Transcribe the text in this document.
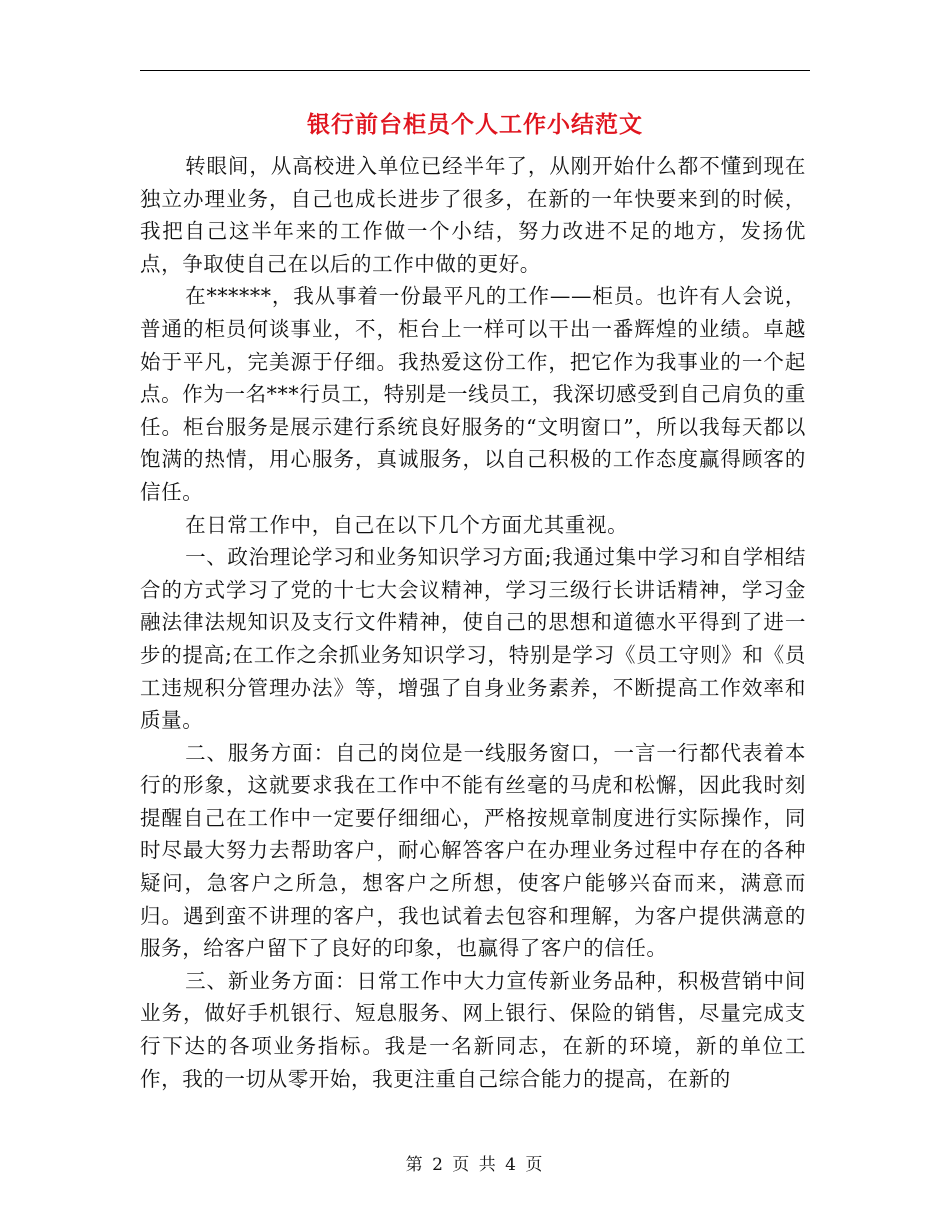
银行前台柜员个人工作小结范文

转眼间，从高校进入单位已经半年了，从刚开始什么都不懂到现在独立办理业务，自己也成长进步了很多，在新的一年快要来到的时候，我把自己这半年来的工作做一个小结，努力改进不足的地方，发扬优点，争取使自己在以后的工作中做的更好。

在******，我从事着一份最平凡的工作——柜员。也许有人会说，普通的柜员何谈事业，不，柜台上一样可以干出一番辉煌的业绩。卓越始于平凡，完美源于仔细。我热爱这份工作，把它作为我事业的一个起点。作为一名***行员工，特别是一线员工，我深切感受到自己肩负的重任。柜台服务是展示建行系统良好服务的“文明窗口”，所以我每天都以饱满的热情，用心服务，真诚服务，以自己积极的工作态度赢得顾客的信任。

在日常工作中，自己在以下几个方面尤其重视。

一、政治理论学习和业务知识学习方面;我通过集中学习和自学相结合的方式学习了党的十七大会议精神，学习三级行长讲话精神，学习金融法律法规知识及支行文件精神，使自己的思想和道德水平得到了进一步的提高;在工作之余抓业务知识学习，特别是学习《员工守则》和《员工违规积分管理办法》等，增强了自身业务素养，不断提高工作效率和质量。

二、服务方面：自己的岗位是一线服务窗口，一言一行都代表着本行的形象，这就要求我在工作中不能有丝毫的马虎和松懈，因此我时刻提醒自己在工作中一定要仔细细心，严格按规章制度进行实际操作，同时尽最大努力去帮助客户，耐心解答客户在办理业务过程中存在的各种疑问，急客户之所急，想客户之所想，使客户能够兴奋而来，满意而归。遇到蛮不讲理的客户，我也试着去包容和理解，为客户提供满意的服务，给客户留下了良好的印象，也赢得了客户的信任。

三、新业务方面：日常工作中大力宣传新业务品种，积极营销中间业务，做好手机银行、短息服务、网上银行、保险的销售，尽量完成支行下达的各项业务指标。我是一名新同志，在新的环境，新的单位工作，我的一切从零开始，我更注重自己综合能力的提高，在新的

第 2 页 共 4 页
